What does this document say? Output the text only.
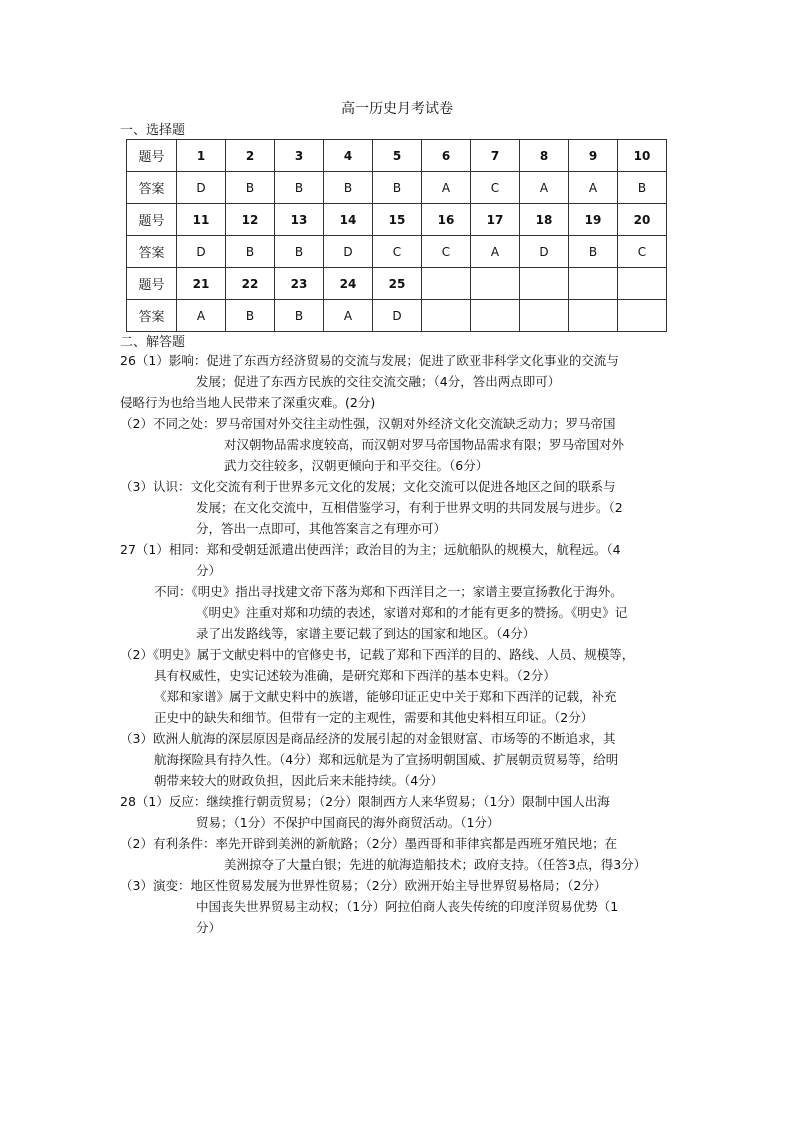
高一历史月考试卷
一、选择题
题号	1	2	3	4	5	6	7	8	9	10
答案	D	B	B	B	B	A	C	A	A	B
题号	11	12	13	14	15	16	17	18	19	20
答案	D	B	B	D	C	C	A	D	B	C
题号	21	22	23	24	25					
答案	A	B	B	A	D					
二、解答题
26（1）影响：促进了东西方经济贸易的交流与发展；促进了欧亚非科学文化事业的交流与
发展；促进了东西方民族的交往交流交融；（4分，答出两点即可）
侵略行为也给当地人民带来了深重灾难。(2分)
（2）不同之处：罗马帝国对外交往主动性强，汉朝对外经济文化交流缺乏动力；罗马帝国
对汉朝物品需求度较高，而汉朝对罗马帝国物品需求有限；罗马帝国对外
武力交往较多，汉朝更倾向于和平交往。（6分）
（3）认识：文化交流有利于世界多元文化的发展；文化交流可以促进各地区之间的联系与
发展；在文化交流中，互相借鉴学习，有利于世界文明的共同发展与进步。（2
分，答出一点即可，其他答案言之有理亦可）
27（1）相同：郑和受朝廷派遣出使西洋；政治目的为主；远航船队的规模大，航程远。（4
分）
不同：《明史》指出寻找建文帝下落为郑和下西洋目之一；家谱主要宣扬教化于海外。
《明史》注重对郑和功绩的表述，家谱对郑和的才能有更多的赞扬。《明史》记
录了出发路线等，家谱主要记载了到达的国家和地区。（4分）
（2）《明史》属于文献史料中的官修史书，记载了郑和下西洋的目的、路线、人员、规模等，
具有权威性，史实记述较为准确，是研究郑和下西洋的基本史料。（2分）
《郑和家谱》属于文献史料中的族谱，能够印证正史中关于郑和下西洋的记载，补充
正史中的缺失和细节。但带有一定的主观性，需要和其他史料相互印证。（2分）
（3）欧洲人航海的深层原因是商品经济的发展引起的对金银财富、市场等的不断追求，其
航海探险具有持久性。（4分）郑和远航是为了宣扬明朝国威、扩展朝贡贸易等，给明
朝带来较大的财政负担，因此后来未能持续。（4分）
28（1）反应：继续推行朝贡贸易；（2分）限制西方人来华贸易；（1分）限制中国人出海
贸易；（1分）不保护中国商民的海外商贸活动。（1分）
（2）有利条件：率先开辟到美洲的新航路；（2分）墨西哥和菲律宾都是西班牙殖民地；在
美洲掠夺了大量白银；先进的航海造船技术；政府支持。（任答3点，得3分）
（3）演变：地区性贸易发展为世界性贸易；（2分）欧洲开始主导世界贸易格局；（2分）
中国丧失世界贸易主动权；（1分）阿拉伯商人丧失传统的印度洋贸易优势（1
分）
